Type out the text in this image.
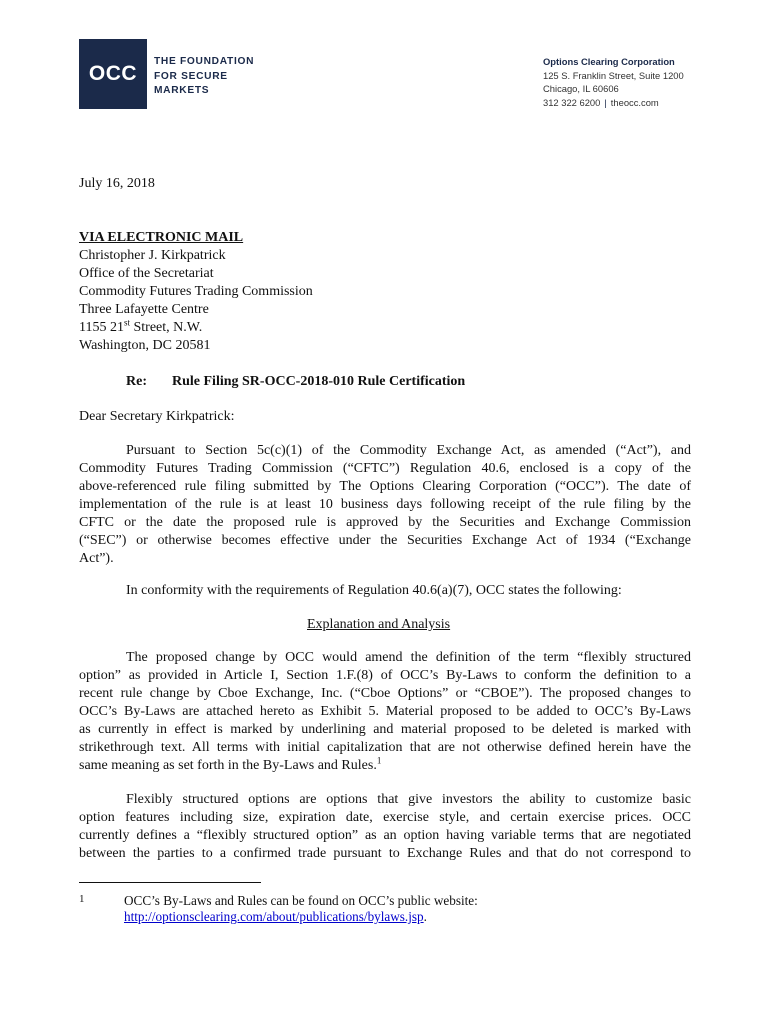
OCC
THE FOUNDATION
FOR SECURE
MARKETS
Options Clearing Corporation
125 S. Franklin Street, Suite 1200
Chicago, IL 60606
312 322 6200 | theocc.com
July 16, 2018
VIA ELECTRONIC MAIL
Christopher J. Kirkpatrick
Office of the Secretariat
Commodity Futures Trading Commission
Three Lafayette Centre
1155 21st Street, N.W.
Washington, DC 20581
Re: Rule Filing SR-OCC-2018-010 Rule Certification
Dear Secretary Kirkpatrick:
Pursuant to Section 5c(c)(1) of the Commodity Exchange Act, as amended (“Act”), and
Commodity Futures Trading Commission (“CFTC”) Regulation 40.6, enclosed is a copy of the
above-referenced rule filing submitted by The Options Clearing Corporation (“OCC”). The date of
implementation of the rule is at least 10 business days following receipt of the rule filing by the
CFTC or the date the proposed rule is approved by the Securities and Exchange Commission
(“SEC”) or otherwise becomes effective under the Securities Exchange Act of 1934 (“Exchange
Act”).
In conformity with the requirements of Regulation 40.6(a)(7), OCC states the following:
Explanation and Analysis
The proposed change by OCC would amend the definition of the term “flexibly structured
option” as provided in Article I, Section 1.F.(8) of OCC’s By-Laws to conform the definition to a
recent rule change by Cboe Exchange, Inc. (“Cboe Options” or “CBOE”). The proposed changes to
OCC’s By-Laws are attached hereto as Exhibit 5. Material proposed to be added to OCC’s By-Laws
as currently in effect is marked by underlining and material proposed to be deleted is marked with
strikethrough text. All terms with initial capitalization that are not otherwise defined herein have the
same meaning as set forth in the By-Laws and Rules.$^1$
Flexibly structured options are options that give investors the ability to customize basic
option features including size, expiration date, exercise style, and certain exercise prices. OCC
currently defines a “flexibly structured option” as an option having variable terms that are negotiated
between the parties to a confirmed trade pursuant to Exchange Rules and that do not correspond to
1	OCC’s By-Laws and Rules can be found on OCC’s public website:
http://optionsclearing.com/about/publications/bylaws.jsp.
